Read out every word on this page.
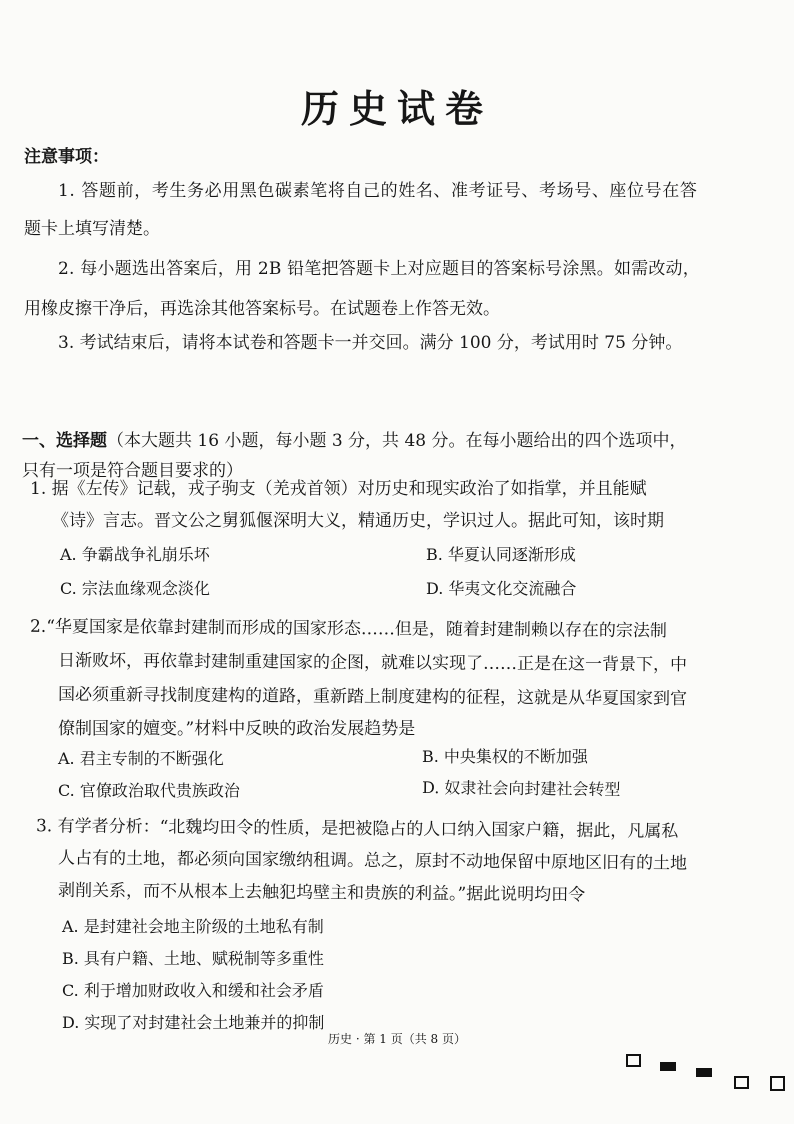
历史试卷
注意事项：
1. 答题前，考生务必用黑色碳素笔将自己的姓名、准考证号、考场号、座位号在答
题卡上填写清楚。
2. 每小题选出答案后，用 2B 铅笔把答题卡上对应题目的答案标号涂黑。如需改动，
用橡皮擦干净后，再选涂其他答案标号。在试题卷上作答无效。
3. 考试结束后，请将本试卷和答题卡一并交回。满分 100 分，考试用时 75 分钟。
一、选择题（本大题共 16 小题，每小题 3 分，共 48 分。在每小题给出的四个选项中，
只有一项是符合题目要求的）
1. 据《左传》记载，戎子驹支（羌戎首领）对历史和现实政治了如指掌，并且能赋
《诗》言志。晋文公之舅狐偃深明大义，精通历史，学识过人。据此可知，该时期
A. 争霸战争礼崩乐坏	B. 华夏认同逐渐形成
C. 宗法血缘观念淡化	D. 华夷文化交流融合
2.“华夏国家是依靠封建制而形成的国家形态……但是，随着封建制赖以存在的宗法制
日渐败坏，再依靠封建制重建国家的企图，就难以实现了……正是在这一背景下，中
国必须重新寻找制度建构的道路，重新踏上制度建构的征程，这就是从华夏国家到官
僚制国家的嬗变。”材料中反映的政治发展趋势是
A. 君主专制的不断强化	B. 中央集权的不断加强
C. 官僚政治取代贵族政治	D. 奴隶社会向封建社会转型
3. 有学者分析：“北魏均田令的性质，是把被隐占的人口纳入国家户籍，据此，凡属私
人占有的土地，都必须向国家缴纳租调。总之，原封不动地保留中原地区旧有的土地
剥削关系，而不从根本上去触犯坞壁主和贵族的利益。”据此说明均田令
A. 是封建社会地主阶级的土地私有制
B. 具有户籍、土地、赋税制等多重性
C. 利于增加财政收入和缓和社会矛盾
D. 实现了对封建社会土地兼并的抑制
历史 · 第 1 页（共 8 页）
